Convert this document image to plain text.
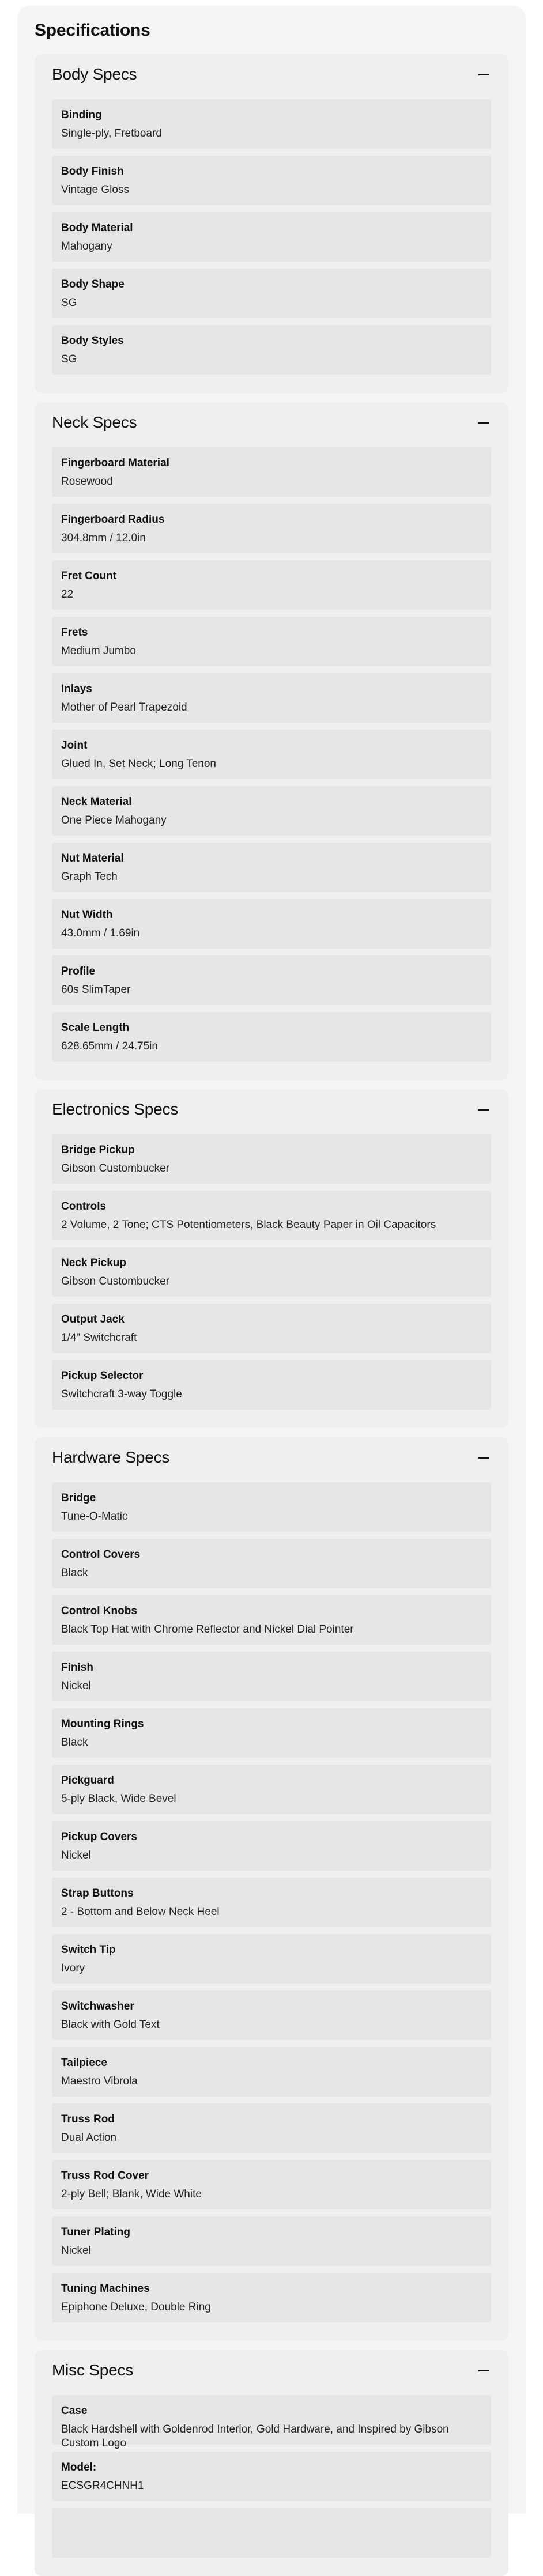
Specifications
Body Specs
Binding
Single-ply, Fretboard
Body Finish
Vintage Gloss
Body Material
Mahogany
Body Shape
SG
Body Styles
SG
Neck Specs
Fingerboard Material
Rosewood
Fingerboard Radius
304.8mm / 12.0in
Fret Count
22
Frets
Medium Jumbo
Inlays
Mother of Pearl Trapezoid
Joint
Glued In, Set Neck; Long Tenon
Neck Material
One Piece Mahogany
Nut Material
Graph Tech
Nut Width
43.0mm / 1.69in
Profile
60s SlimTaper
Scale Length
628.65mm / 24.75in
Electronics Specs
Bridge Pickup
Gibson Custombucker
Controls
2 Volume, 2 Tone; CTS Potentiometers, Black Beauty Paper in Oil Capacitors
Neck Pickup
Gibson Custombucker
Output Jack
1/4" Switchcraft
Pickup Selector
Switchcraft 3-way Toggle
Hardware Specs
Bridge
Tune-O-Matic
Control Covers
Black
Control Knobs
Black Top Hat with Chrome Reflector and Nickel Dial Pointer
Finish
Nickel
Mounting Rings
Black
Pickguard
5-ply Black, Wide Bevel
Pickup Covers
Nickel
Strap Buttons
2 - Bottom and Below Neck Heel
Switch Tip
Ivory
Switchwasher
Black with Gold Text
Tailpiece
Maestro Vibrola
Truss Rod
Dual Action
Truss Rod Cover
2-ply Bell; Blank, Wide White
Tuner Plating
Nickel
Tuning Machines
Epiphone Deluxe, Double Ring
Misc Specs
Case
Black Hardshell with Goldenrod Interior, Gold Hardware, and Inspired by Gibson Custom Logo
Model:
ECSGR4CHNH1
